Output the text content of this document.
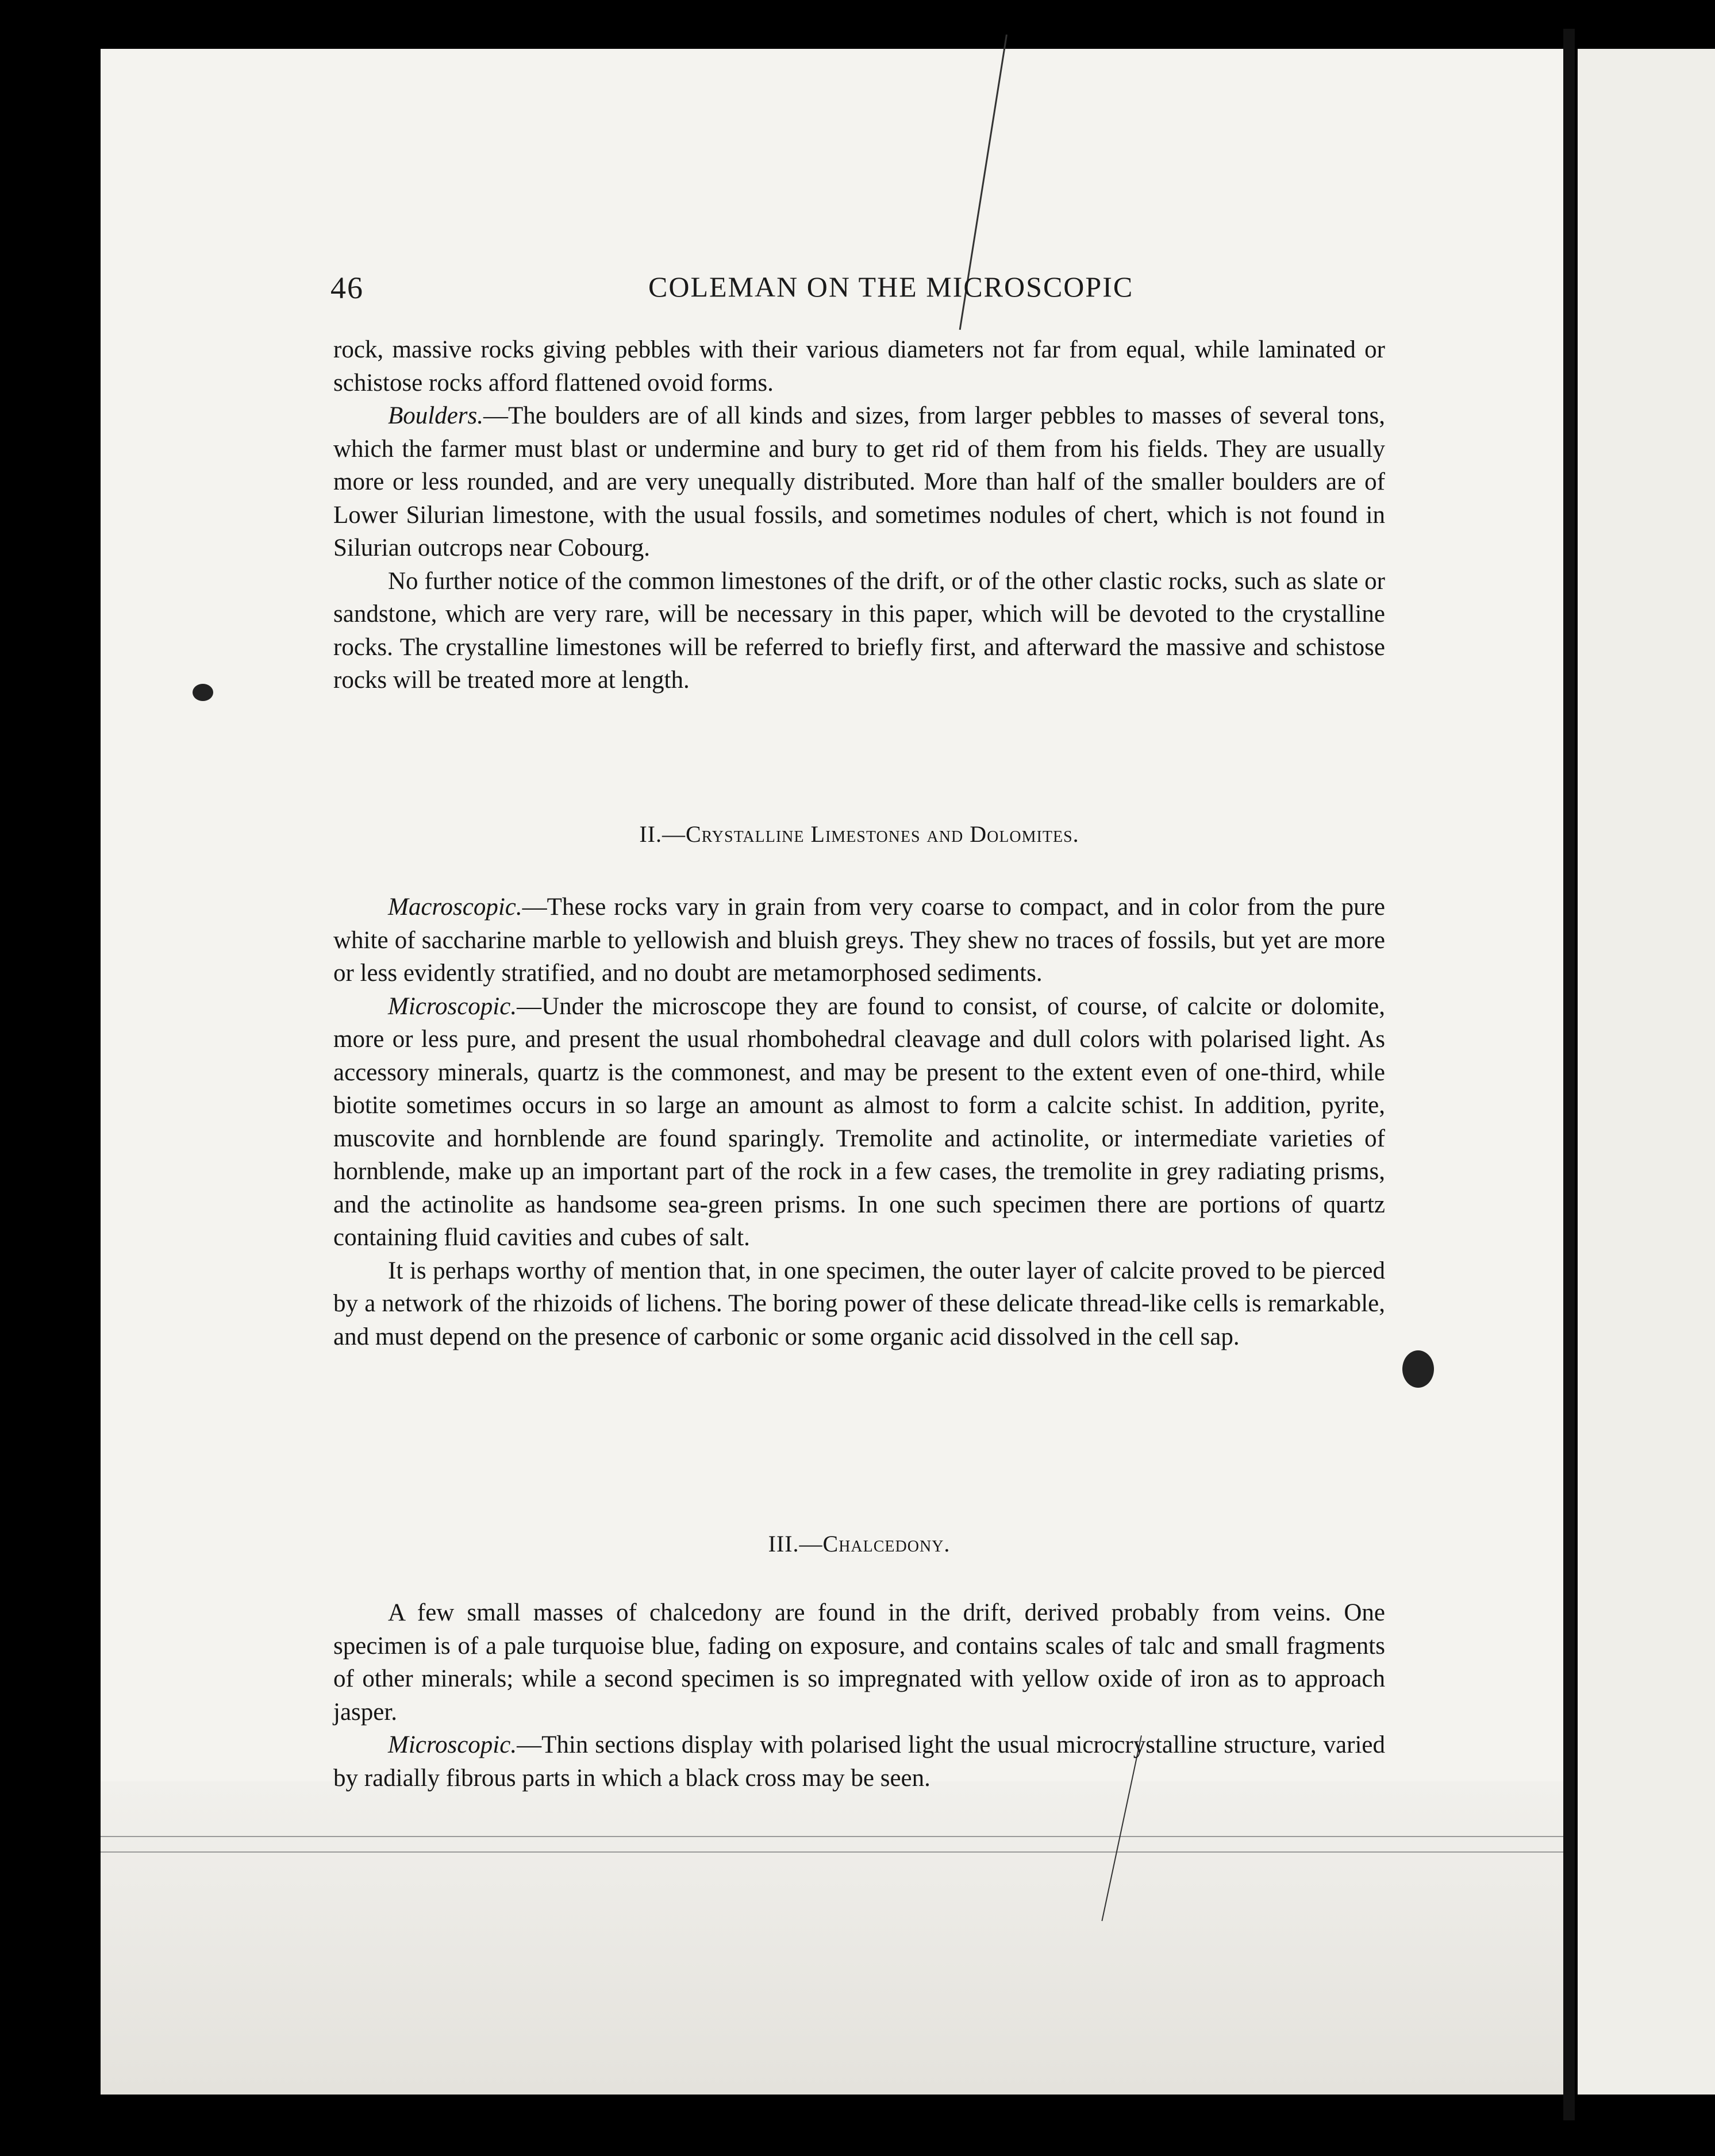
46	COLEMAN ON THE MICROSCOPIC

rock, massive rocks giving pebbles with their various diameters not far from equal, while laminated or schistose rocks afford flattened ovoid forms.

Boulders.—The boulders are of all kinds and sizes, from larger pebbles to masses of several tons, which the farmer must blast or undermine and bury to get rid of them from his fields. They are usually more or less rounded, and are very unequally distributed. More than half of the smaller boulders are of Lower Silurian limestone, with the usual fossils, and sometimes nodules of chert, which is not found in Silurian outcrops near Cobourg.

No further notice of the common limestones of the drift, or of the other clastic rocks, such as slate or sandstone, which are very rare, will be necessary in this paper, which will be devoted to the crystalline rocks. The crystalline limestones will be referred to briefly first, and afterward the massive and schistose rocks will be treated more at length.

II.—Crystalline Limestones and Dolomites.

Macroscopic.—These rocks vary in grain from very coarse to compact, and in color from the pure white of saccharine marble to yellowish and bluish greys. They shew no traces of fossils, but yet are more or less evidently stratified, and no doubt are metamorphosed sediments.

Microscopic.—Under the microscope they are found to consist, of course, of calcite or dolomite, more or less pure, and present the usual rhombohedral cleavage and dull colors with polarised light. As accessory minerals, quartz is the commonest, and may be present to the extent even of one-third, while biotite sometimes occurs in so large an amount as almost to form a calcite schist. In addition, pyrite, muscovite and hornblende are found sparingly. Tremolite and actinolite, or intermediate varieties of hornblende, make up an important part of the rock in a few cases, the tremolite in grey radiating prisms, and the actinolite as handsome sea-green prisms. In one such specimen there are portions of quartz containing fluid cavities and cubes of salt.

It is perhaps worthy of mention that, in one specimen, the outer layer of calcite proved to be pierced by a network of the rhizoids of lichens. The boring power of these delicate thread-like cells is remarkable, and must depend on the presence of carbonic or some organic acid dissolved in the cell sap.

III.—Chalcedony.

A few small masses of chalcedony are found in the drift, derived probably from veins. One specimen is of a pale turquoise blue, fading on exposure, and contains scales of talc and small fragments of other minerals; while a second specimen is so impregnated with yellow oxide of iron as to approach jasper.

Microscopic.—Thin sections display with polarised light the usual microcrystalline structure, varied by radially fibrous parts in which a black cross may be seen.
